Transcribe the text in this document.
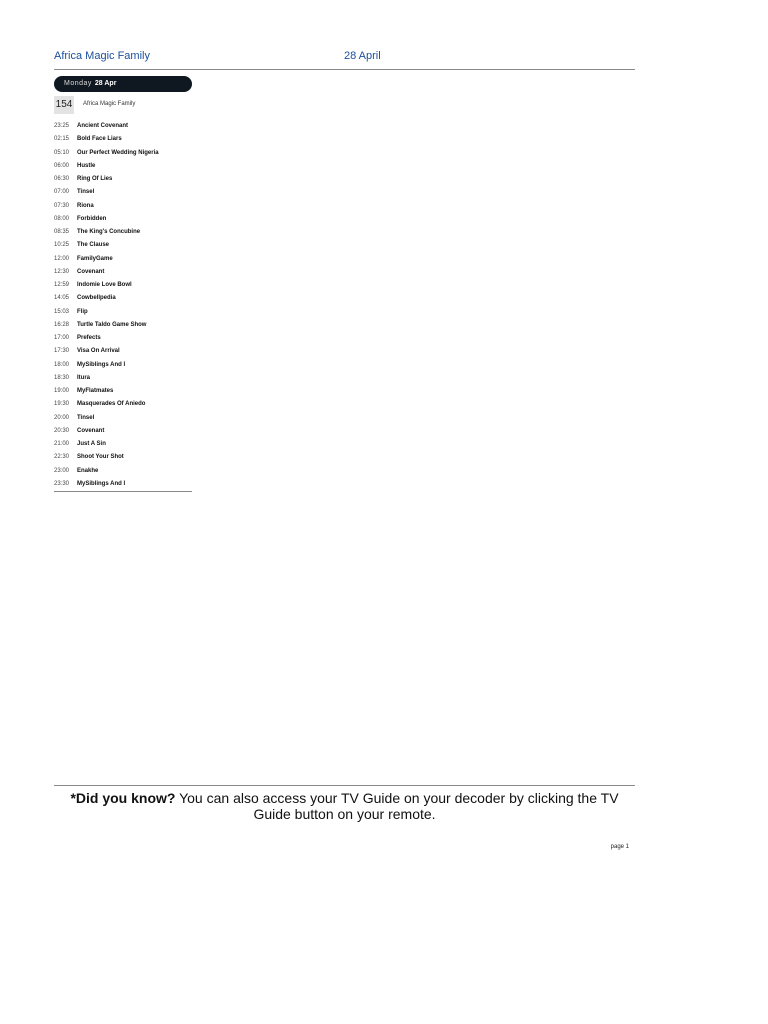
Africa Magic Family	28 April
Monday 28 Apr
154 Africa Magic Family
23:25 Ancient Covenant
02:15 Bold Face Liars
05:10 Our Perfect Wedding Nigeria
06:00 Hustle
06:30 Ring Of Lies
07:00 Tinsel
07:30 Riona
08:00 Forbidden
08:35 The King's Concubine
10:25 The Clause
12:00 FamilyGame
12:30 Covenant
12:59 Indomie Love Bowl
14:05 Cowbellpedia
15:03 Flip
16:28 Turtle Taldo Game Show
17:00 Prefects
17:30 Visa On Arrival
18:00 MySiblings And I
18:30 Itura
19:00 MyFlatmates
19:30 Masquerades Of Aniedo
20:00 Tinsel
20:30 Covenant
21:00 Just A Sin
22:30 Shoot Your Shot
23:00 Enakhe
23:30 MySiblings And I
*Did you know? You can also access your TV Guide on your decoder by clicking the TV Guide button on your remote.
page 1
